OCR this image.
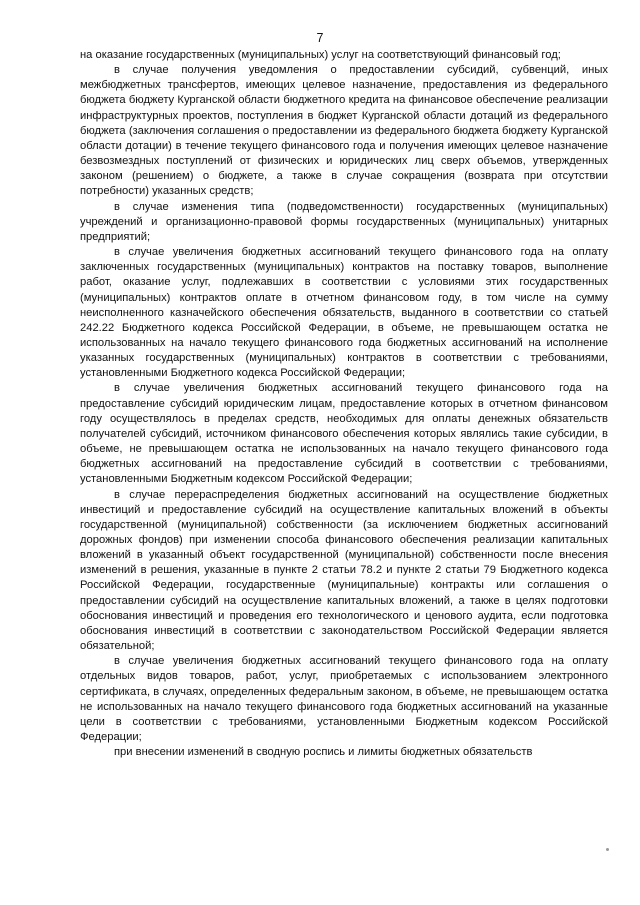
7

на оказание государственных (муниципальных) услуг на соответствующий финансовый год;

в случае получения уведомления о предоставлении субсидий, субвенций, иных межбюджетных трансфертов, имеющих целевое назначение, предоставления из федерального бюджета бюджету Курганской области бюджетного кредита на финансовое обеспечение реализации инфраструктурных проектов, поступления в бюджет Курганской области дотаций из федерального бюджета (заключения соглашения о предоставлении из федерального бюджета бюджету Курганской области дотации) в течение текущего финансового года и получения имеющих целевое назначение безвозмездных поступлений от физических и юридических лиц сверх объемов, утвержденных законом (решением) о бюджете, а также в случае сокращения (возврата при отсутствии потребности) указанных средств;

в случае изменения типа (подведомственности) государственных (муниципальных) учреждений и организационно-правовой формы государственных (муниципальных) унитарных предприятий;

в случае увеличения бюджетных ассигнований текущего финансового года на оплату заключенных государственных (муниципальных) контрактов на поставку товаров, выполнение работ, оказание услуг, подлежавших в соответствии с условиями этих государственных (муниципальных) контрактов оплате в отчетном финансовом году, в том числе на сумму неисполненного казначейского обеспечения обязательств, выданного в соответствии со статьей 242.22 Бюджетного кодекса Российской Федерации, в объеме, не превышающем остатка не использованных на начало текущего финансового года бюджетных ассигнований на исполнение указанных государственных (муниципальных) контрактов в соответствии с требованиями, установленными Бюджетного кодекса Российской Федерации;

в случае увеличения бюджетных ассигнований текущего финансового года на предоставление субсидий юридическим лицам, предоставление которых в отчетном финансовом году осуществлялось в пределах средств, необходимых для оплаты денежных обязательств получателей субсидий, источником финансового обеспечения которых являлись такие субсидии, в объеме, не превышающем остатка не использованных на начало текущего финансового года бюджетных ассигнований на предоставление субсидий в соответствии с требованиями, установленными Бюджетным кодексом Российской Федерации;

в случае перераспределения бюджетных ассигнований на осуществление бюджетных инвестиций и предоставление субсидий на осуществление капитальных вложений в объекты государственной (муниципальной) собственности (за исключением бюджетных ассигнований дорожных фондов) при изменении способа финансового обеспечения реализации капитальных вложений в указанный объект государственной (муниципальной) собственности после внесения изменений в решения, указанные в пункте 2 статьи 78.2 и пункте 2 статьи 79 Бюджетного кодекса Российской Федерации, государственные (муниципальные) контракты или соглашения о предоставлении субсидий на осуществление капитальных вложений, а также в целях подготовки обоснования инвестиций и проведения его технологического и ценового аудита, если подготовка обоснования инвестиций в соответствии с законодательством Российской Федерации является обязательной;

в случае увеличения бюджетных ассигнований текущего финансового года на оплату отдельных видов товаров, работ, услуг, приобретаемых с использованием электронного сертификата, в случаях, определенных федеральным законом, в объеме, не превышающем остатка не использованных на начало текущего финансового года бюджетных ассигнований на указанные цели в соответствии с требованиями, установленными Бюджетным кодексом Российской Федерации;

при внесении изменений в сводную роспись и лимиты бюджетных обязательств
